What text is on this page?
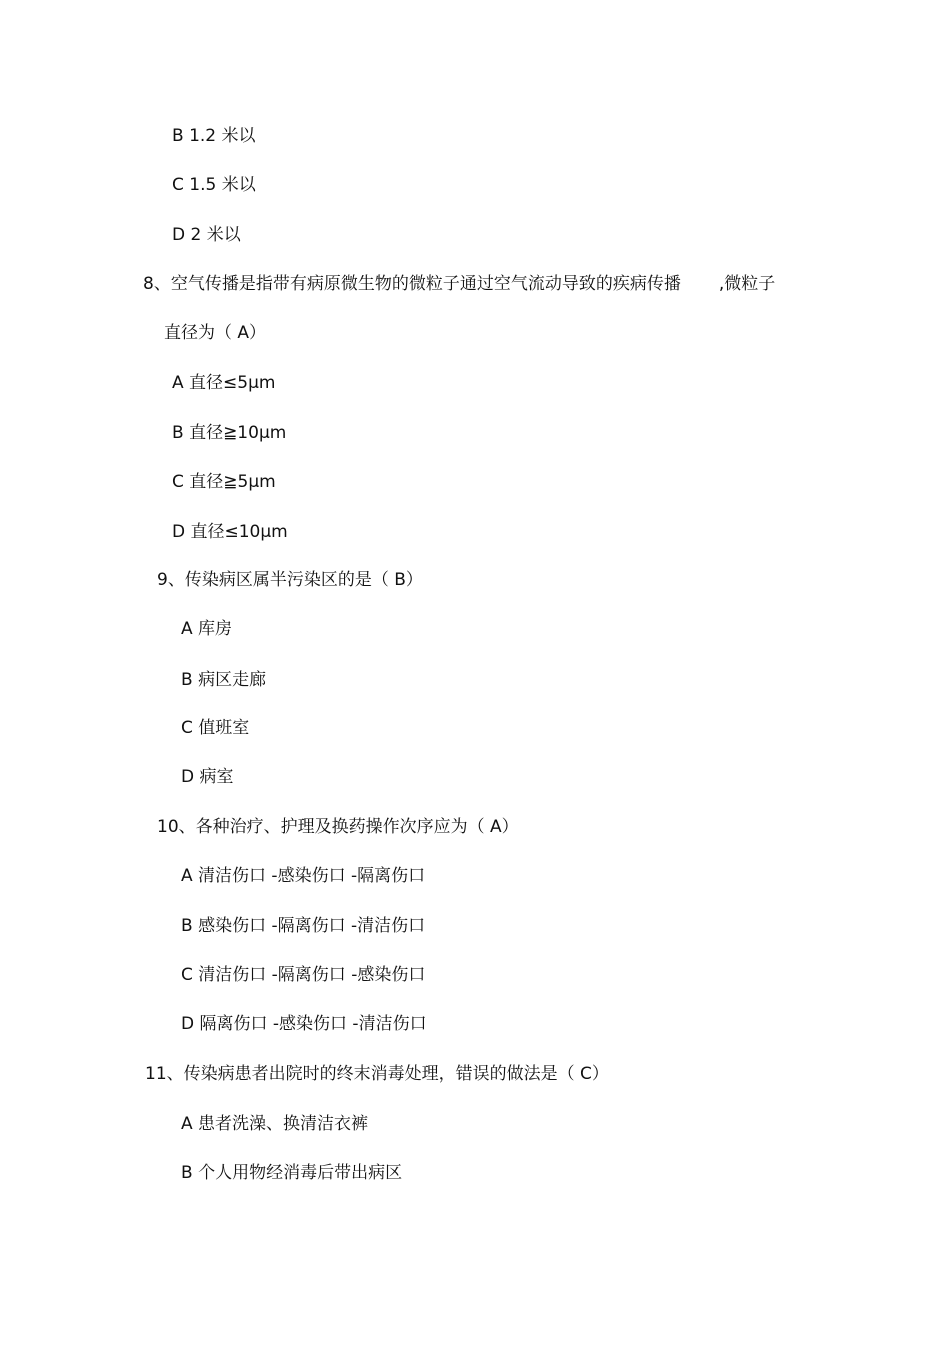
B 1.2 米以
C 1.5 米以
D 2 米以
8、空气传播是指带有病原微生物的微粒子通过空气流动导致的疾病传播 ,微粒子
直径为（ A）
A 直径≤5μm
B 直径≧10μm
C 直径≧5μm
D 直径≤10μm
9、传染病区属半污染区的是（ B）
A 库房
B 病区走廊
C 值班室
D 病室
10、各种治疗、护理及换药操作次序应为（ A）
A 清洁伤口 -感染伤口 -隔离伤口
B 感染伤口 -隔离伤口 -清洁伤口
C 清洁伤口 -隔离伤口 -感染伤口
D 隔离伤口 -感染伤口 -清洁伤口
11、传染病患者出院时的终末消毒处理，错误的做法是（ C）
A 患者洗澡、换清洁衣裤
B 个人用物经消毒后带出病区
